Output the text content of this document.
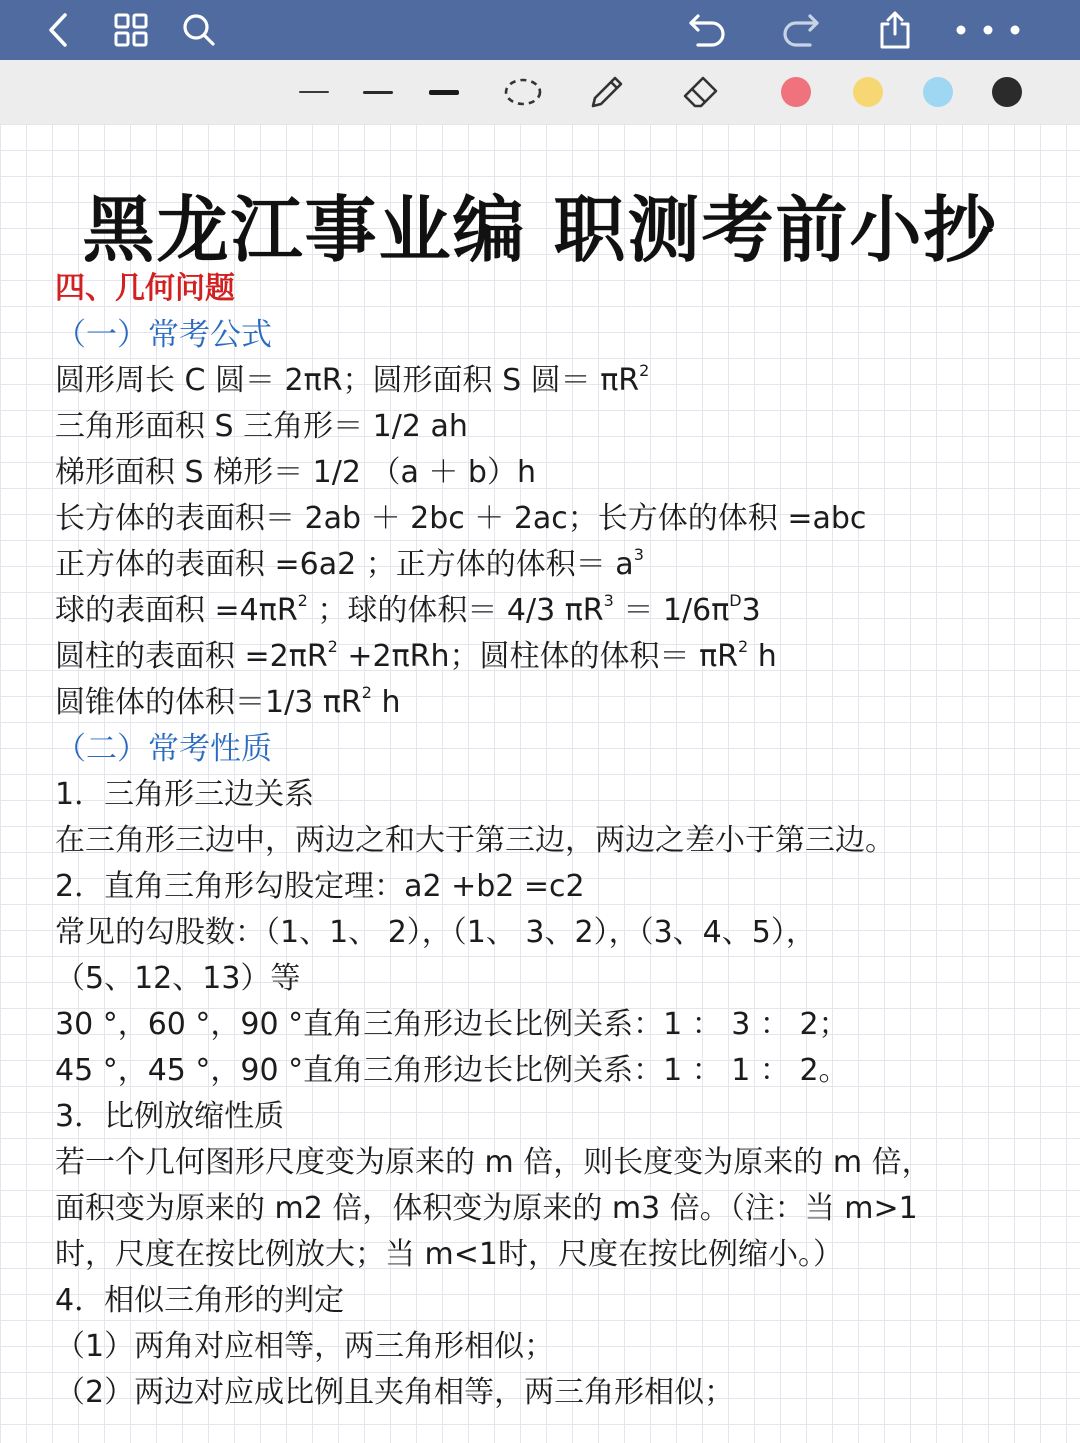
黑龙江事业编 职测考前小抄
四、几何问题
（一）常考公式
圆形周长 C 圆＝ 2πR；圆形面积 S 圆＝ $\pi R^2$
三角形面积 S 三角形＝ 1/2 ah
梯形面积 S 梯形＝ 1/2 （a ＋ b）h
长方体的表面积＝ 2ab ＋ 2bc ＋ 2ac；长方体的体积 =abc
正方体的表面积 =6a2 ；正方体的体积＝ $a^3$
球的表面积 $=4\pi R^2$ ；球的体积＝ 4/3 $\pi R^3 = 1/6\pi^D3$
圆柱的表面积 $=2\pi R^2 +2\pi Rh$；圆柱体的体积＝ $\pi R^2$ h
圆锥体的体积＝1/3 $\pi R^2$ h
（二）常考性质
1．三角形三边关系
在三角形三边中，两边之和大于第三边，两边之差小于第三边。
2．直角三角形勾股定理：a2 +b2 =c2
常见的勾股数：（1、1、 2），（1、 3、2），（3、4、5），
（5、12、13）等
30 °，60 °，90 °直角三角形边长比例关系：1 ： 3 ： 2；
45 °，45 °，90 °直角三角形边长比例关系：1 ： 1 ： 2。
3．比例放缩性质
若一个几何图形尺度变为原来的 m 倍，则长度变为原来的 m 倍，
面积变为原来的 m2 倍，体积变为原来的 m3 倍。（注：当 m>1
时，尺度在按比例放大；当 m<1时，尺度在按比例缩小。）
4．相似三角形的判定
（1）两角对应相等，两三角形相似；
（2）两边对应成比例且夹角相等，两三角形相似；
